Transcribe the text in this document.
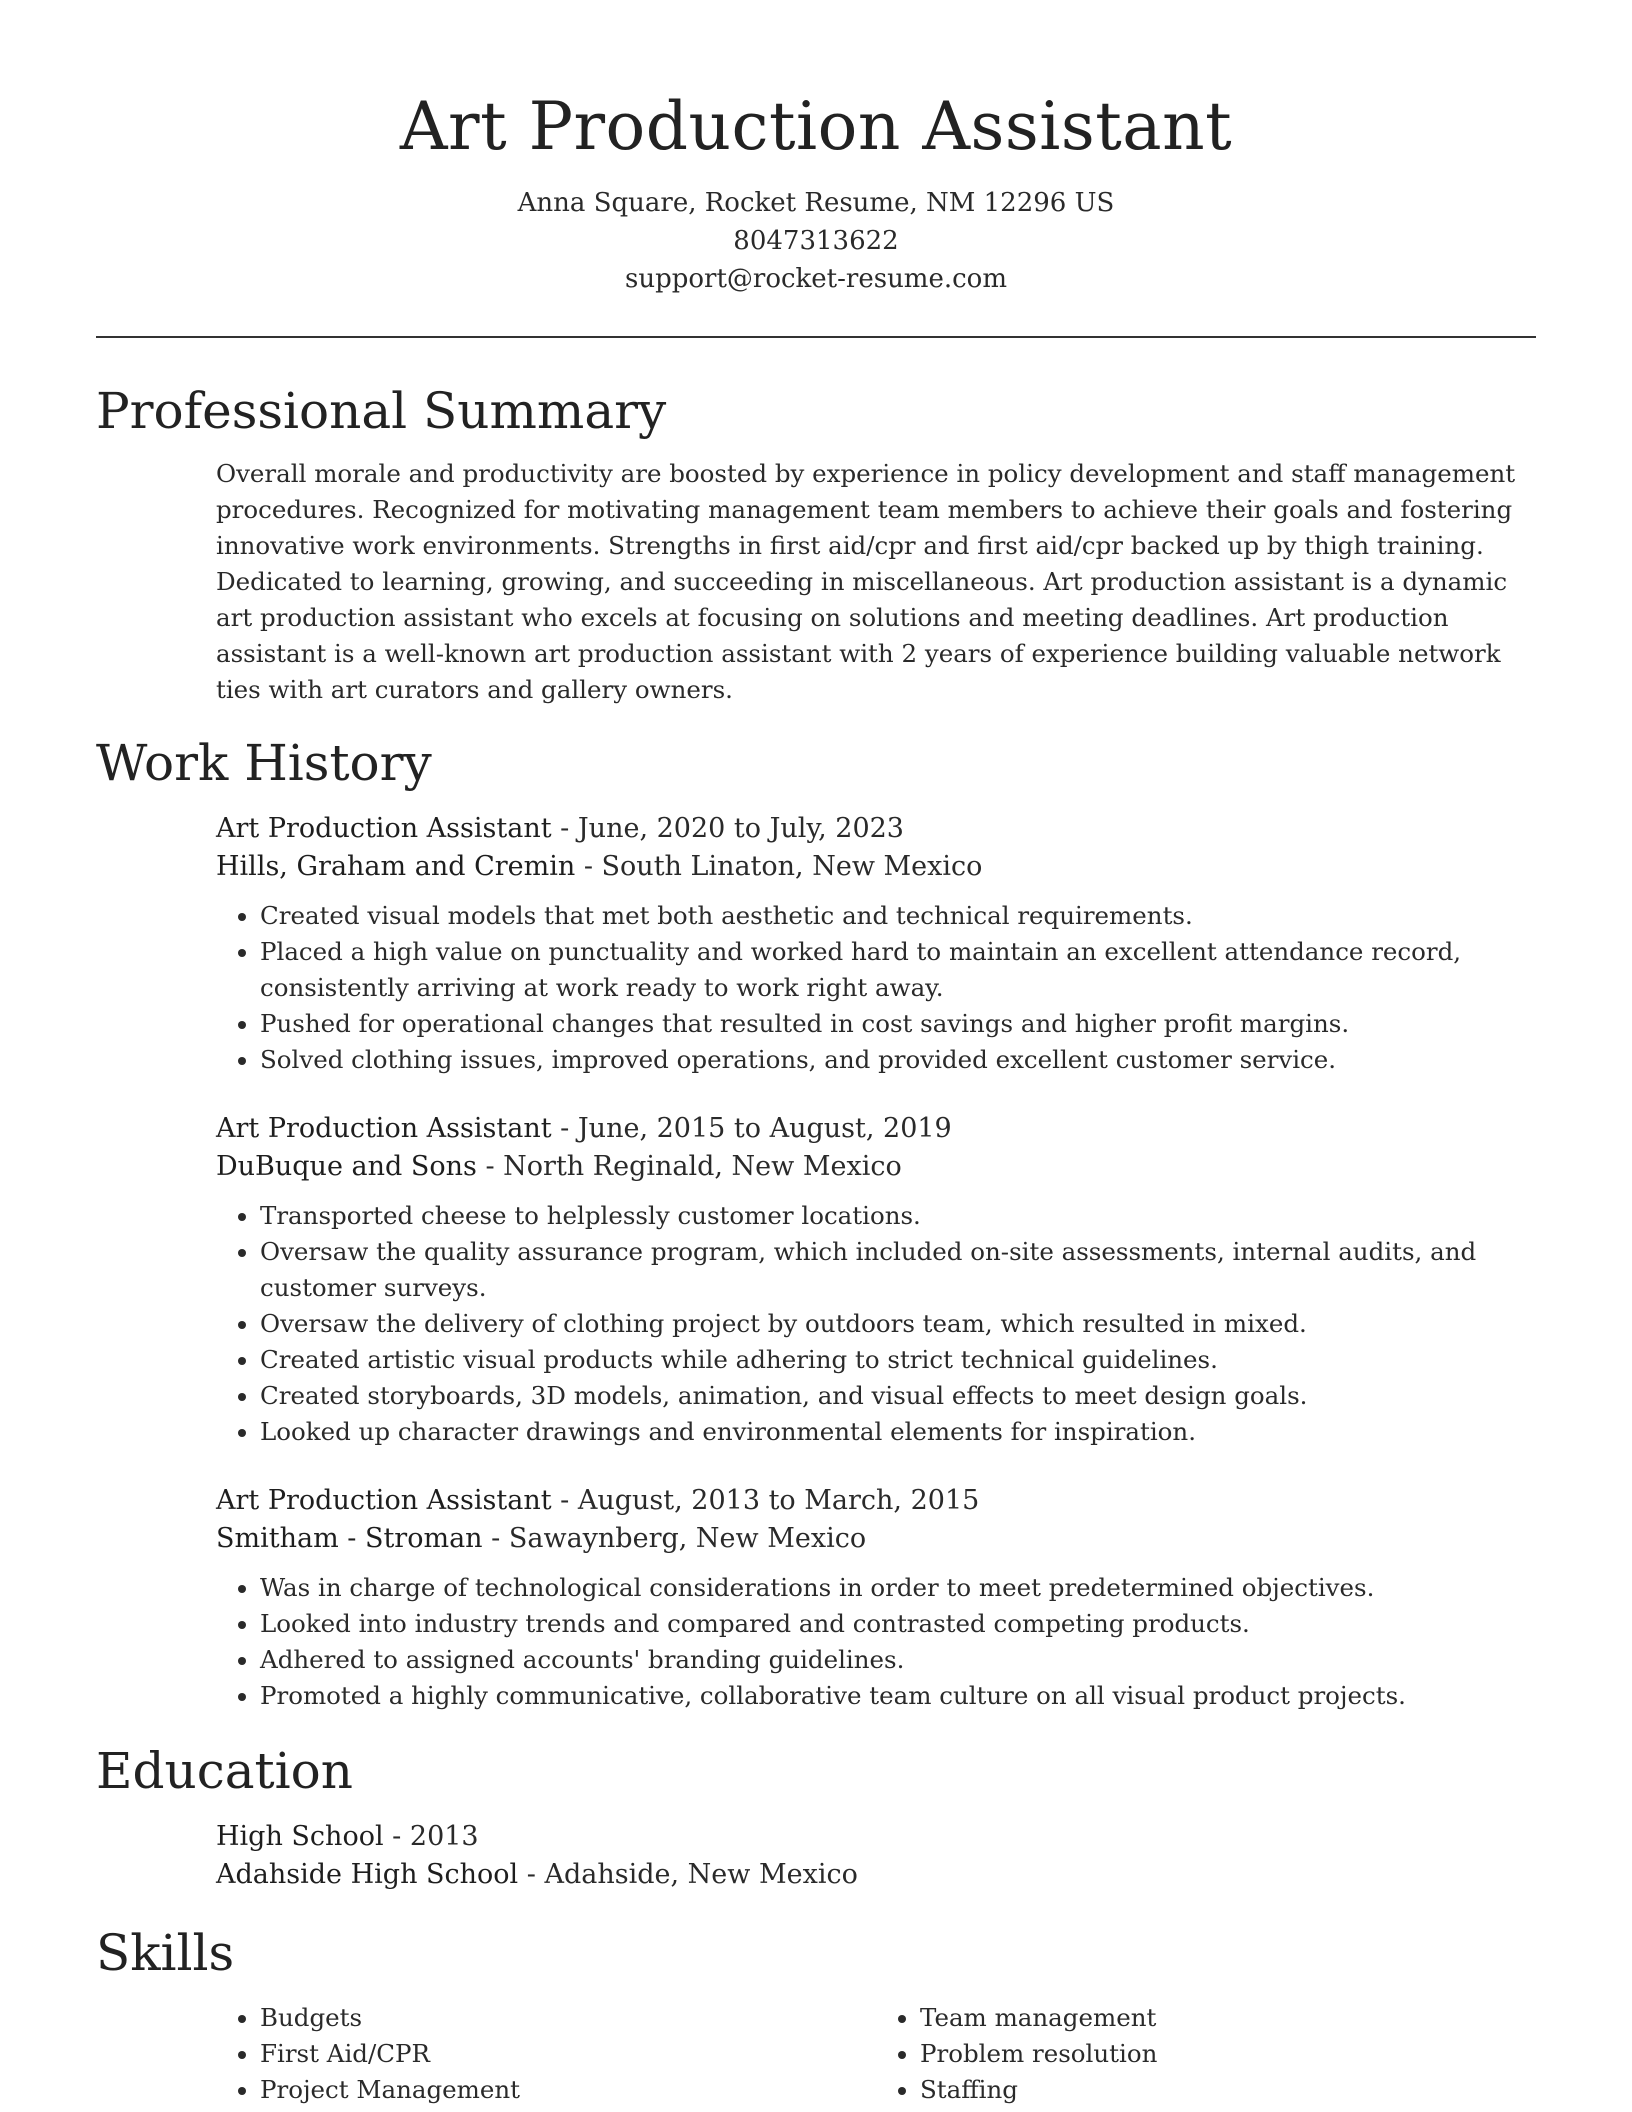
Art Production Assistant
Anna Square, Rocket Resume, NM 12296 US
8047313622
support@rocket-resume.com
Professional Summary

Overall morale and productivity are boosted by experience in policy development and staff management procedures. Recognized for motivating management team members to achieve their goals and fostering innovative work environments. Strengths in first aid/cpr and first aid/cpr backed up by thigh training. Dedicated to learning, growing, and succeeding in miscellaneous. Art production assistant is a dynamic art production assistant who excels at focusing on solutions and meeting deadlines. Art production assistant is a well-known art production assistant with 2 years of experience building valuable network ties with art curators and gallery owners.

Work History
Art Production Assistant - June, 2020 to July, 2023
Hills, Graham and Cremin - South Linaton, New Mexico
• Created visual models that met both aesthetic and technical requirements.
• Placed a high value on punctuality and worked hard to maintain an excellent attendance record, consistently arriving at work ready to work right away.
• Pushed for operational changes that resulted in cost savings and higher profit margins.
• Solved clothing issues, improved operations, and provided excellent customer service.
Art Production Assistant - June, 2015 to August, 2019
DuBuque and Sons - North Reginald, New Mexico
• Transported cheese to helplessly customer locations.
• Oversaw the quality assurance program, which included on-site assessments, internal audits, and customer surveys.
• Oversaw the delivery of clothing project by outdoors team, which resulted in mixed.
• Created artistic visual products while adhering to strict technical guidelines.
• Created storyboards, 3D models, animation, and visual effects to meet design goals.
• Looked up character drawings and environmental elements for inspiration.
Art Production Assistant - August, 2013 to March, 2015
Smitham - Stroman - Sawaynberg, New Mexico
• Was in charge of technological considerations in order to meet predetermined objectives.
• Looked into industry trends and compared and contrasted competing products.
• Adhered to assigned accounts' branding guidelines.
• Promoted a highly communicative, collaborative team culture on all visual product projects.
Education
High School - 2013
Adahside High School - Adahside, New Mexico
Skills
• Budgets
• First Aid/CPR
• Project Management
• Team management
• Problem resolution
• Staffing
